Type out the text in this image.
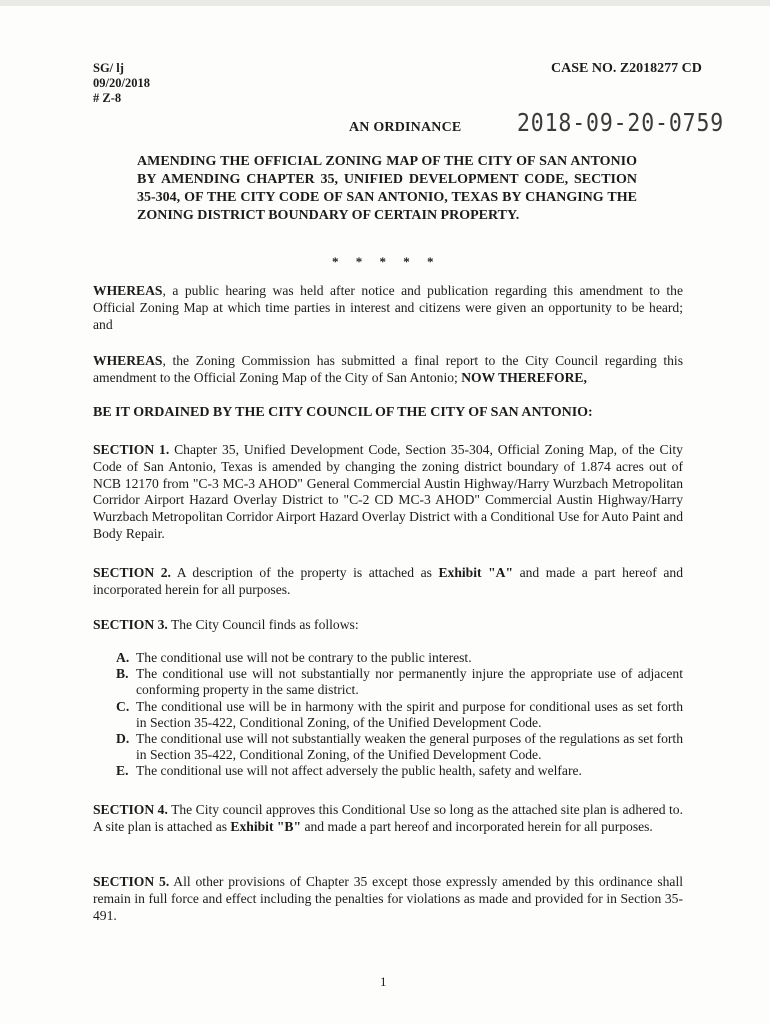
SG/ lj
09/20/2018
# Z-8
CASE NO. Z2018277 CD
AN ORDINANCE 2018-09-20-0759
AMENDING THE OFFICIAL ZONING MAP OF THE CITY OF SAN ANTONIO BY AMENDING CHAPTER 35, UNIFIED DEVELOPMENT CODE, SECTION 35-304, OF THE CITY CODE OF SAN ANTONIO, TEXAS BY CHANGING THE ZONING DISTRICT BOUNDARY OF CERTAIN PROPERTY.
* * * * *

WHEREAS, a public hearing was held after notice and publication regarding this amendment to the Official Zoning Map at which time parties in interest and citizens were given an opportunity to be heard; and

WHEREAS, the Zoning Commission has submitted a final report to the City Council regarding this amendment to the Official Zoning Map of the City of San Antonio; NOW THEREFORE,

BE IT ORDAINED BY THE CITY COUNCIL OF THE CITY OF SAN ANTONIO:

SECTION 1. Chapter 35, Unified Development Code, Section 35-304, Official Zoning Map, of the City Code of San Antonio, Texas is amended by changing the zoning district boundary of 1.874 acres out of NCB 12170 from "C-3 MC-3 AHOD" General Commercial Austin Highway/Harry Wurzbach Metropolitan Corridor Airport Hazard Overlay District to "C-2 CD MC-3 AHOD" Commercial Austin Highway/Harry Wurzbach Metropolitan Corridor Airport Hazard Overlay District with a Conditional Use for Auto Paint and Body Repair.

SECTION 2. A description of the property is attached as Exhibit "A" and made a part hereof and incorporated herein for all purposes.

SECTION 3. The City Council finds as follows:

A. The conditional use will not be contrary to the public interest.
B. The conditional use will not substantially nor permanently injure the appropriate use of adjacent conforming property in the same district.
C. The conditional use will be in harmony with the spirit and purpose for conditional uses as set forth in Section 35-422, Conditional Zoning, of the Unified Development Code.
D. The conditional use will not substantially weaken the general purposes of the regulations as set forth in Section 35-422, Conditional Zoning, of the Unified Development Code.
E. The conditional use will not affect adversely the public health, safety and welfare.

SECTION 4. The City council approves this Conditional Use so long as the attached site plan is adhered to. A site plan is attached as Exhibit "B" and made a part hereof and incorporated herein for all purposes.

SECTION 5. All other provisions of Chapter 35 except those expressly amended by this ordinance shall remain in full force and effect including the penalties for violations as made and provided for in Section 35-491.

1
